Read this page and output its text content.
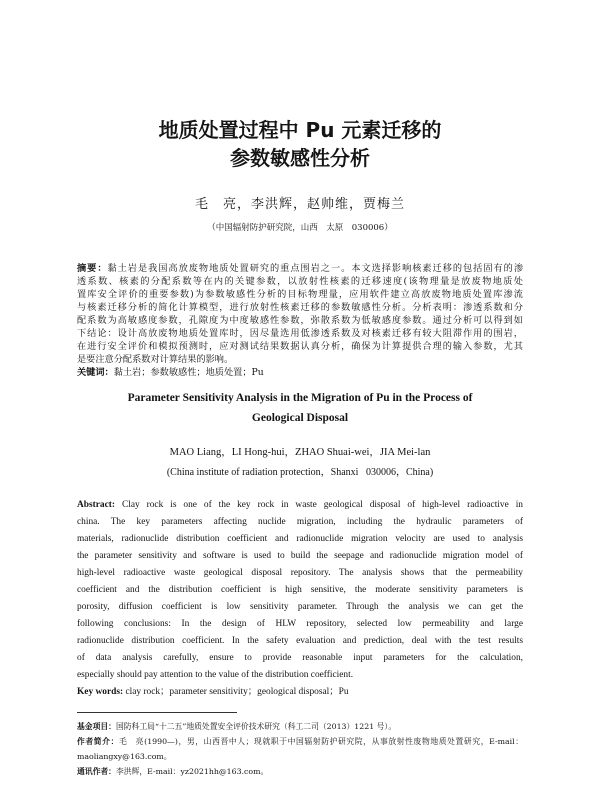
地质处置过程中 Pu 元素迁移的
参数敏感性分析
毛　亮，李洪辉，赵帅维，贾梅兰
（中国辐射防护研究院，山西　太原　030006）
摘要：黏土岩是我国高放废物地质处置研究的重点围岩之一。本文选择影响核素迁移的包括固有的渗
透系数、核素的分配系数等在内的关键参数，以放射性核素的迁移速度(该物理量是放废物地质处
置库安全评价的重要参数)为参数敏感性分析的目标物理量，应用软件建立高放废物地质处置库渗流
与核素迁移分析的简化计算模型，进行放射性核素迁移的参数敏感性分析。分析表明：渗透系数和分
配系数为高敏感度参数，孔隙度为中度敏感性参数，弥散系数为低敏感度参数。通过分析可以得到如
下结论：设计高放废物地质处置库时，因尽量选用低渗透系数及对核素迁移有较大阻滞作用的围岩，
在进行安全评价和模拟预测时，应对测试结果数据认真分析，确保为计算提供合理的输入参数，尤其
是要注意分配系数对计算结果的影响。
关键词：黏土岩；参数敏感性；地质处置；Pu
Parameter Sensitivity Analysis in the Migration of Pu in the Process of
Geological Disposal
MAO Liang，LI Hong-hui，ZHAO Shuai-wei，JIA Mei-lan
(China institute of radiation protection，Shanxi   030006，China)
Abstract: Clay rock is one of the key rock in waste geological disposal of high-level radioactive in
china. The key parameters affecting nuclide migration, including the hydraulic parameters of
materials, radionuclide distribution coefficient and radionuclide migration velocity are used to analysis
the parameter sensitivity and software is used to build the seepage and radionuclide migration model of
high-level radioactive waste geological disposal repository. The analysis shows that the permeability
coefficient and the distribution coefficient is high sensitive, the moderate sensitivity parameters is
porosity, diffusion coefficient is low sensitivity parameter. Through the analysis we can get the
following conclusions: In the design of HLW repository, selected low permeability and large
radionuclide distribution coefficient. In the safety evaluation and prediction, deal with the test results
of data analysis carefully, ensure to provide reasonable input parameters for the calculation,
especially should pay attention to the value of the distribution coefficient.
Key words: clay rock；parameter sensitivity；geological disposal；Pu
基金项目：国防科工局“十二五”地质处置安全评价技术研究（科工二司（2013）1221 号）。
作者简介：毛　亮(1990—)，男，山西晋中人；现就职于中国辐射防护研究院，从事放射性废物地质处置研究，E-mail：
maoliangxy@163.com。
通讯作者：李洪辉，E-mail：yz2021hh@163.com。
